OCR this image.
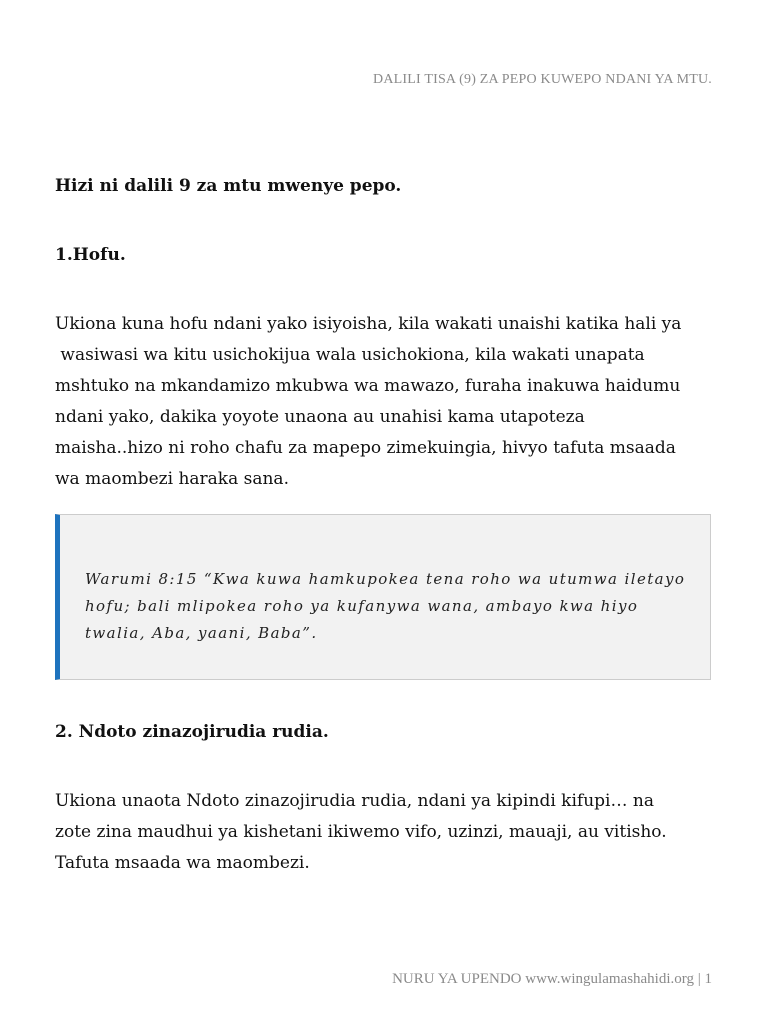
DALILI TISA (9) ZA PEPO KUWEPO NDANI YA MTU.
Hizi ni dalili 9 za mtu mwenye pepo.
1.Hofu.
Ukiona kuna hofu ndani yako isiyoisha, kila wakati unaishi katika hali ya
wasiwasi wa kitu usichokijua wala usichokiona, kila wakati unapata
mshtuko na mkandamizo mkubwa wa mawazo, furaha inakuwa haidumu
ndani yako, dakika yoyote unaona au unahisi kama utapoteza
maisha..hizo ni roho chafu za mapepo zimekuingia, hivyo tafuta msaada
wa maombezi haraka sana.
Warumi 8:15 “Kwa kuwa hamkupokea tena roho wa utumwa iletayo
hofu; bali mlipokea roho ya kufanywa wana, ambayo kwa hiyo
twalia, Aba, yaani, Baba”.
2. Ndoto zinazojirudia rudia.
Ukiona unaota Ndoto zinazojirudia rudia, ndani ya kipindi kifupi… na
zote zina maudhui ya kishetani ikiwemo vifo, uzinzi, mauaji, au vitisho.
Tafuta msaada wa maombezi.
NURU YA UPENDO www.wingulamashahidi.org | 1
